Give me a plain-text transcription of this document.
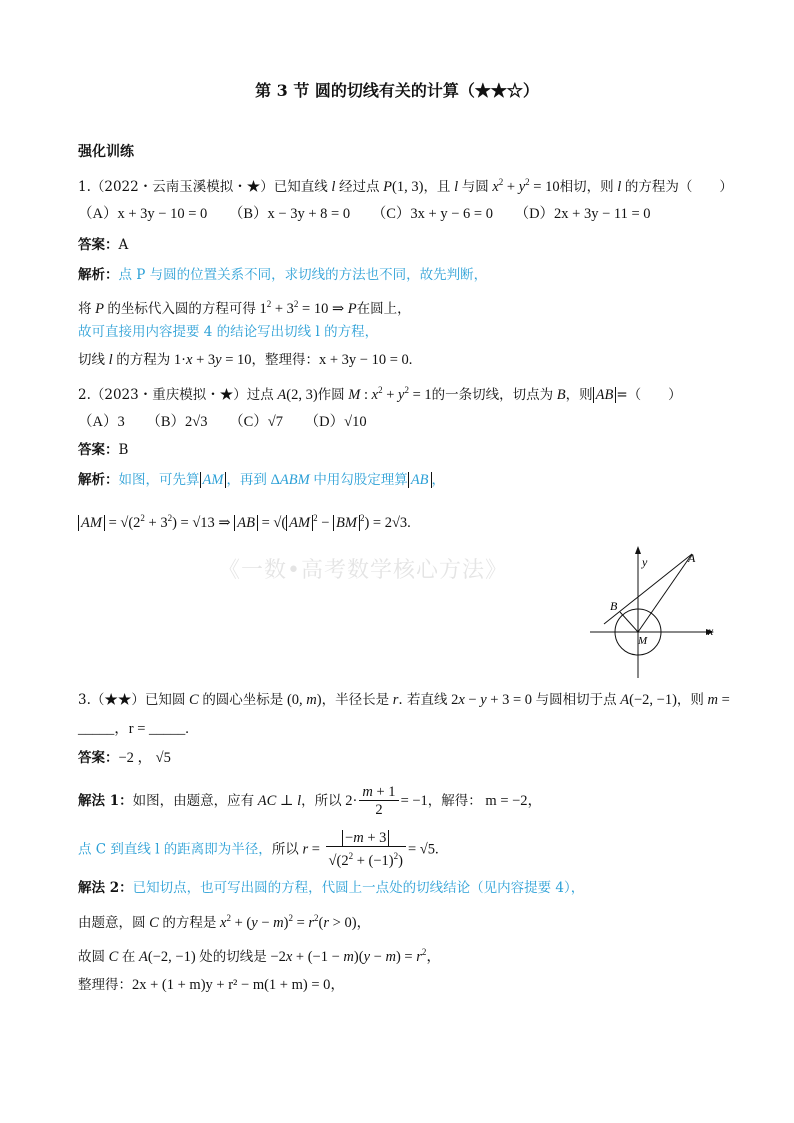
第 3 节 圆的切线有关的计算（★★☆）
强化训练
1.（2022・云南玉溪模拟・★）已知直线 l 经过点 P(1, 3)，且 l 与圆 $x^2 + y^2 = 10$相切，则 l 的方程为（　　）
（A）x + 3y − 10 = 0 （B）x − 3y + 8 = 0 （C）3x + y − 6 = 0 （D）2x + 3y − 11 = 0
答案：A
解析：点 P 与圆的位置关系不同，求切线的方法也不同，故先判断，
将 P 的坐标代入圆的方程可得 $1^2 + 3^2 = 10$ ⇒ P在圆上，
故可直接用内容提要 4 的结论写出切线 l 的方程，
切线 l 的方程为 1·x + 3y = 10，整理得：x + 3y − 10 = 0.
2.（2023・重庆模拟・★）过点 A(2, 3)作圆 M : $x^2 + y^2 = 1$的一条切线，切点为 B，则 AB =（　　）
（A）3 （B）2√3 （C）√7 （D）√10
答案：B
解析：如图，可先算 AM ，再到 ΔABM 中用勾股定理算 AB ，
AM = $√(2^2 + 3^2) = √13$ ⇒ AB = √( AM $^2$ − BM $^2$) = 2√3.
《一数•高考数学核心方法》	y	A
B
M
x
3.（★★）已知圆 C 的圆心坐标是 (0, m)，半径长是 r. 若直线 2x − y + 3 = 0 与圆相切于点 A(−2, −1)，则 m =
_____，r = _____.
答案：−2 ， √5
解法 1：如图，由题意，应有 AC ⊥ l，所以 $2\cdot \frac{m + 1}{2} = -1$，解得： m = −2，
点 C 到直线 l 的距离即为半径，所以 $r = \frac{-m + 3}{√(2^2 + (-1)^2)} = √5$.
解法 2：已知切点，也可写出圆的方程，代圆上一点处的切线结论（见内容提要 4），
由题意，圆 C 的方程是 $x^2 + (y - m)^2 = r^2(r > 0)$，
故圆 C 在 A(−2, −1) 处的切线是 $-2x + (-1 - m)(y - m) = r^2$，
整理得：2x + (1 + m)y + r² − m(1 + m) = 0，
